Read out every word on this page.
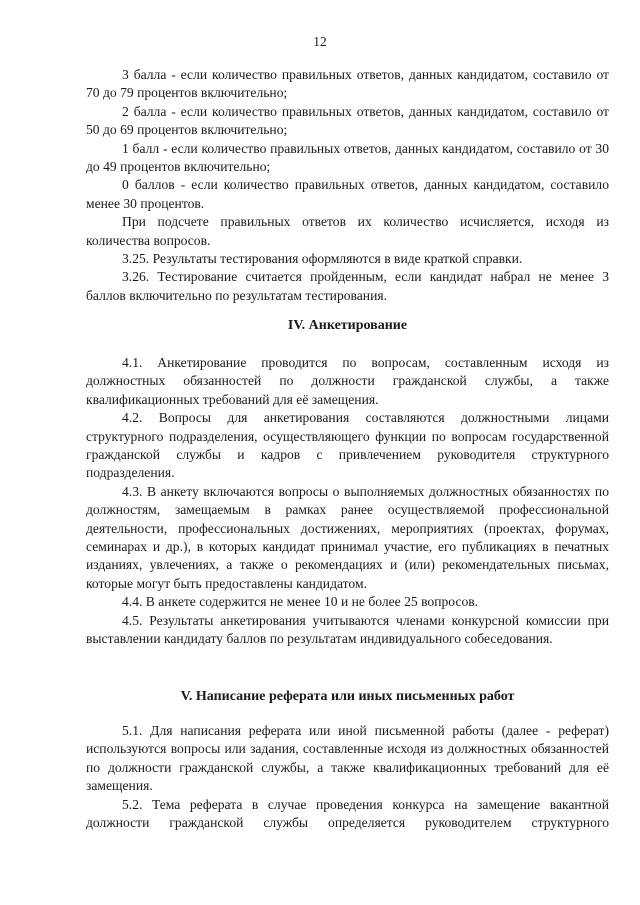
12

3 балла - если количество правильных ответов, данных кандидатом, составило от 70 до 79 процентов включительно;

2 балла - если количество правильных ответов, данных кандидатом, составило от 50 до 69 процентов включительно;

1 балл - если количество правильных ответов, данных кандидатом, составило от 30 до 49 процентов включительно;

0 баллов - если количество правильных ответов, данных кандидатом, составило менее 30 процентов.

При подсчете правильных ответов их количество исчисляется, исходя из количества вопросов.

3.25. Результаты тестирования оформляются в виде краткой справки.

3.26. Тестирование считается пройденным, если кандидат набрал не менее 3 баллов включительно по результатам тестирования.

IV. Анкетирование

4.1. Анкетирование проводится по вопросам, составленным исходя из должностных обязанностей по должности гражданской службы, а также квалификационных требований для её замещения.

4.2. Вопросы для анкетирования составляются должностными лицами структурного подразделения, осуществляющего функции по вопросам государственной гражданской службы и кадров с привлечением руководителя структурного подразделения.

4.3. В анкету включаются вопросы о выполняемых должностных обязанностях по должностям, замещаемым в рамках ранее осуществляемой профессиональной деятельности, профессиональных достижениях, мероприятиях (проектах, форумах, семинарах и др.), в которых кандидат принимал участие, его публикациях в печатных изданиях, увлечениях, а также о рекомендациях и (или) рекомендательных письмах, которые могут быть предоставлены кандидатом.

4.4. В анкете содержится не менее 10 и не более 25 вопросов.

4.5. Результаты анкетирования учитываются членами конкурсной комиссии при выставлении кандидату баллов по результатам индивидуального собеседования.

V. Написание реферата или иных письменных работ

5.1. Для написания реферата или иной письменной работы (далее - реферат) используются вопросы или задания, составленные исходя из должностных обязанностей по должности гражданской службы, а также квалификационных требований для её замещения.

5.2. Тема реферата в случае проведения конкурса на замещение вакантной должности гражданской службы определяется руководителем структурного
